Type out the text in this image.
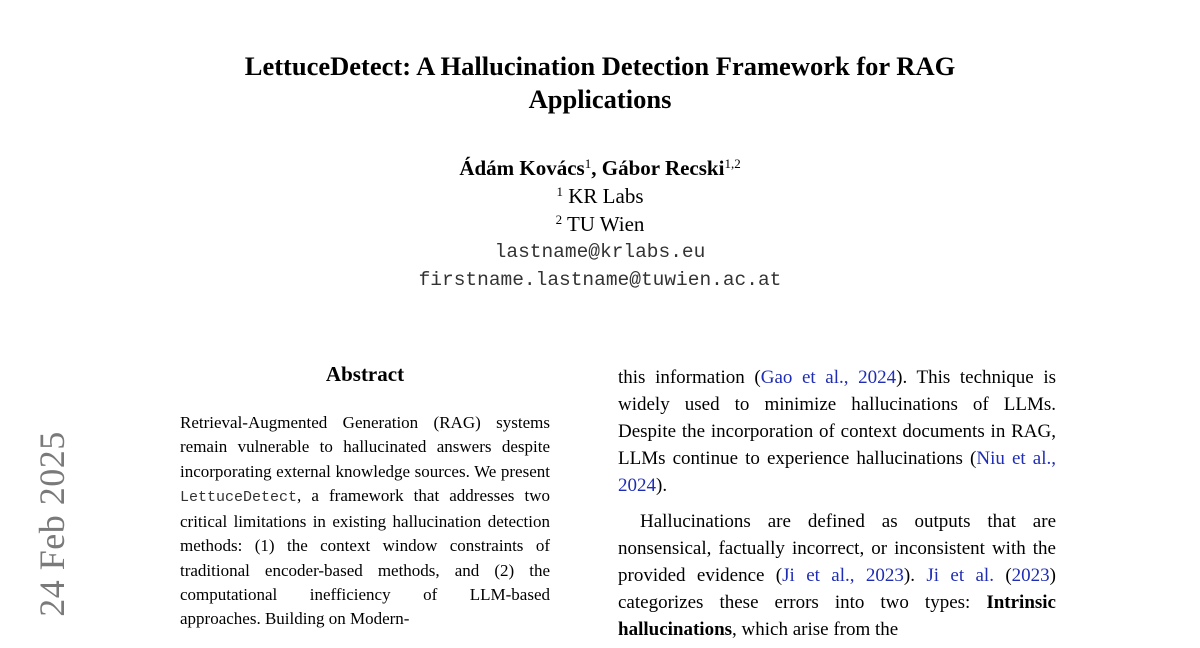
24 Feb 2025
LettuceDetect: A Hallucination Detection Framework for RAG
Applications
Ádám Kovács$^1$, Gábor Recski$^{1,2}$
$^1$ KR Labs
$^2$ TU Wien
lastname@krlabs.eu
firstname.lastname@tuwien.ac.at
Abstract

Retrieval-Augmented Generation (RAG) systems remain vulnerable to hallucinated answers despite incorporating external knowledge sources. We present LettuceDetect, a framework that addresses two critical limitations in existing hallucination detection methods: (1) the context window constraints of traditional encoder-based methods, and (2) the computational inefficiency of LLM-based approaches. Building on Modern-

this information (Gao et al., 2024). This technique is widely used to minimize hallucinations of LLMs. Despite the incorporation of context documents in RAG, LLMs continue to experience hallucinations (Niu et al., 2024).

Hallucinations are defined as outputs that are nonsensical, factually incorrect, or inconsistent with the provided evidence (Ji et al., 2023). Ji et al. (2023) categorizes these errors into two types: Intrinsic hallucinations, which arise from the
